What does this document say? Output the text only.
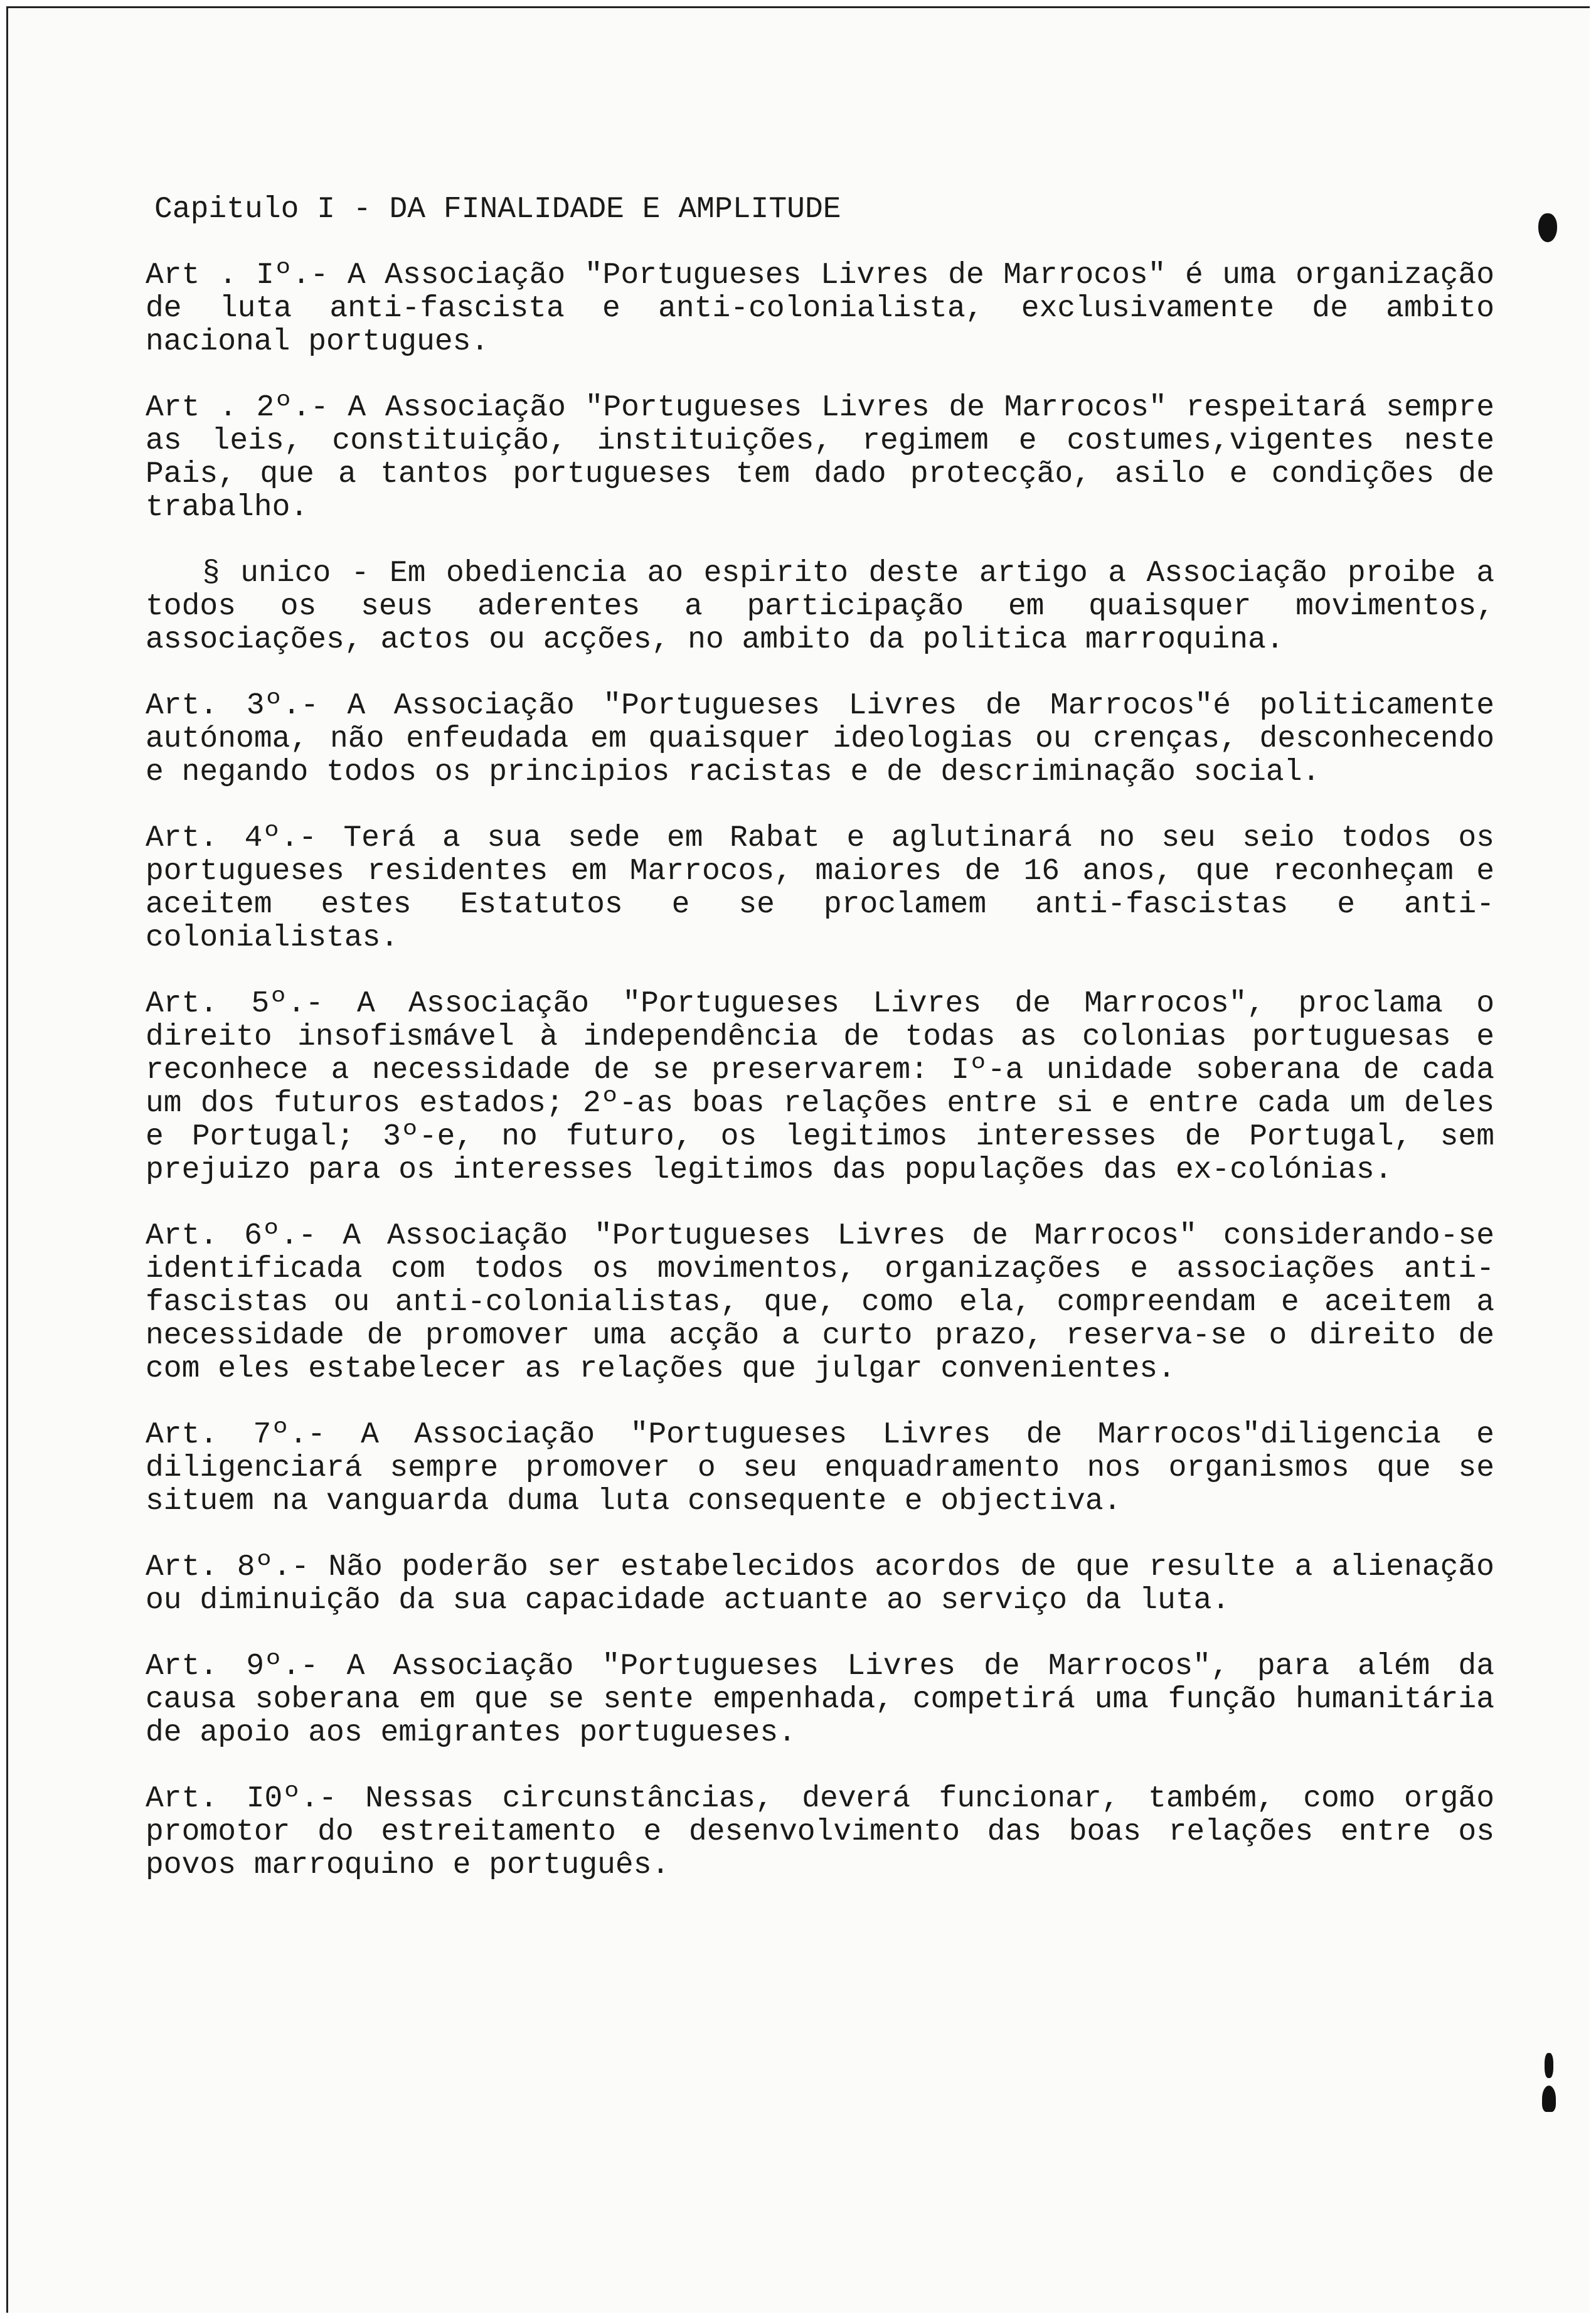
Capitulo I - DA FINALIDADE E AMPLITUDE
Art . Iº.- A Associação "Portugueses Livres de Marrocos" é uma organização de luta anti-fascista e anti-colonialista, exclusivamente de ambito nacional portugues.
Art . 2º.- A Associação "Portugueses Livres de Marrocos" respeitará sempre as leis, constituição, instituições, regimem e costumes,vigentes neste Pais, que a tantos portugueses tem dado protecção, asilo e condições de trabalho.
§ unico - Em obediencia ao espirito deste artigo a Associação proibe a todos os seus aderentes a participação em quaisquer movimentos, associações, actos ou acções, no ambito da politica marroquina.
Art. 3º.- A Associação "Portugueses Livres de Marrocos"é politicamente autónoma, não enfeudada em quaisquer ideologias ou crenças, desconhecendo e negando todos os principios racistas e de descriminação social.
Art. 4º.- Terá a sua sede em Rabat e aglutinará no seu seio todos os portugueses residentes em Marrocos, maiores de 16 anos, que reconheçam e aceitem estes Estatutos e se proclamem anti-fascistas e anti-colonialistas.
Art. 5º.- A Associação "Portugueses Livres de Marrocos", proclama o direito insofismável à independência de todas as colonias portuguesas e reconhece a necessidade de se preservarem: Iº-a unidade soberana de cada um dos futuros estados; 2º-as boas relações entre si e entre cada um deles e Portugal; 3º-e, no futuro, os legitimos interesses de Portugal, sem prejuizo para os interesses legitimos das populações das ex-colónias.
Art. 6º.- A Associação "Portugueses Livres de Marrocos" considerando-se identificada com todos os movimentos, organizações e associações anti-fascistas ou anti-colonialistas, que, como ela, compreendam e aceitem a necessidade de promover uma acção a curto prazo, reserva-se o direito de com eles estabelecer as relações que julgar convenientes.
Art. 7º.- A Associação "Portugueses Livres de Marrocos"diligencia e diligenciará sempre promover o seu enquadramento nos organismos que se situem na vanguarda duma luta consequente e objectiva.
Art. 8º.- Não poderão ser estabelecidos acordos de que resulte a alienação ou diminuição da sua capacidade actuante ao serviço da luta.
Art. 9º.- A Associação "Portugueses Livres de Marrocos", para além da causa soberana em que se sente empenhada, competirá uma função humanitária de apoio aos emigrantes portugueses.
Art. I0º.- Nessas circunstâncias, deverá funcionar, também, como orgão promotor do estreitamento e desenvolvimento das boas relações entre os povos marroquino e português.
